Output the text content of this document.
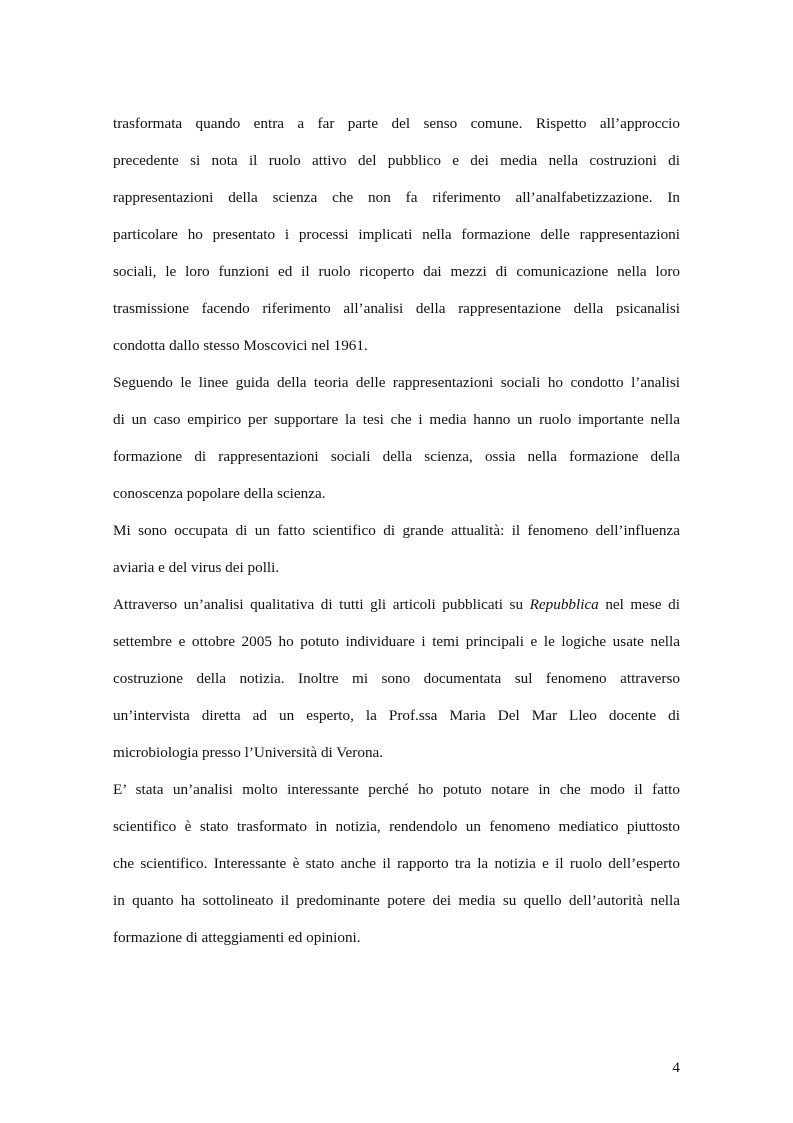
trasformata quando entra a far parte del senso comune. Rispetto all’approccio
precedente si nota il ruolo attivo del pubblico e dei media nella costruzioni di
rappresentazioni della scienza che non fa riferimento all’analfabetizzazione. In
particolare ho presentato i processi implicati nella formazione delle rappresentazioni
sociali, le loro funzioni ed il ruolo ricoperto dai mezzi di comunicazione nella loro
trasmissione facendo riferimento all’analisi della rappresentazione della psicanalisi
condotta dallo stesso Moscovici nel 1961.
Seguendo le linee guida della teoria delle rappresentazioni sociali ho condotto l’analisi
di un caso empirico per supportare la tesi che i media hanno un ruolo importante nella
formazione di rappresentazioni sociali della scienza, ossia nella formazione della
conoscenza popolare della scienza.
Mi sono occupata di un fatto scientifico di grande attualità: il fenomeno dell’influenza
aviaria e del virus dei polli.
Attraverso un’analisi qualitativa di tutti gli articoli pubblicati su Repubblica nel mese di
settembre e ottobre 2005 ho potuto individuare i temi principali e le logiche usate nella
costruzione della notizia. Inoltre mi sono documentata sul fenomeno attraverso
un’intervista diretta ad un esperto, la Prof.ssa Maria Del Mar Lleo docente di
microbiologia presso l’Università di Verona.
E’ stata un’analisi molto interessante perché ho potuto notare in che modo il fatto
scientifico è stato trasformato in notizia, rendendolo un fenomeno mediatico piuttosto
che scientifico. Interessante è stato anche il rapporto tra la notizia e il ruolo dell’esperto
in quanto ha sottolineato il predominante potere dei media su quello dell’autorità nella
formazione di atteggiamenti ed opinioni.
4
